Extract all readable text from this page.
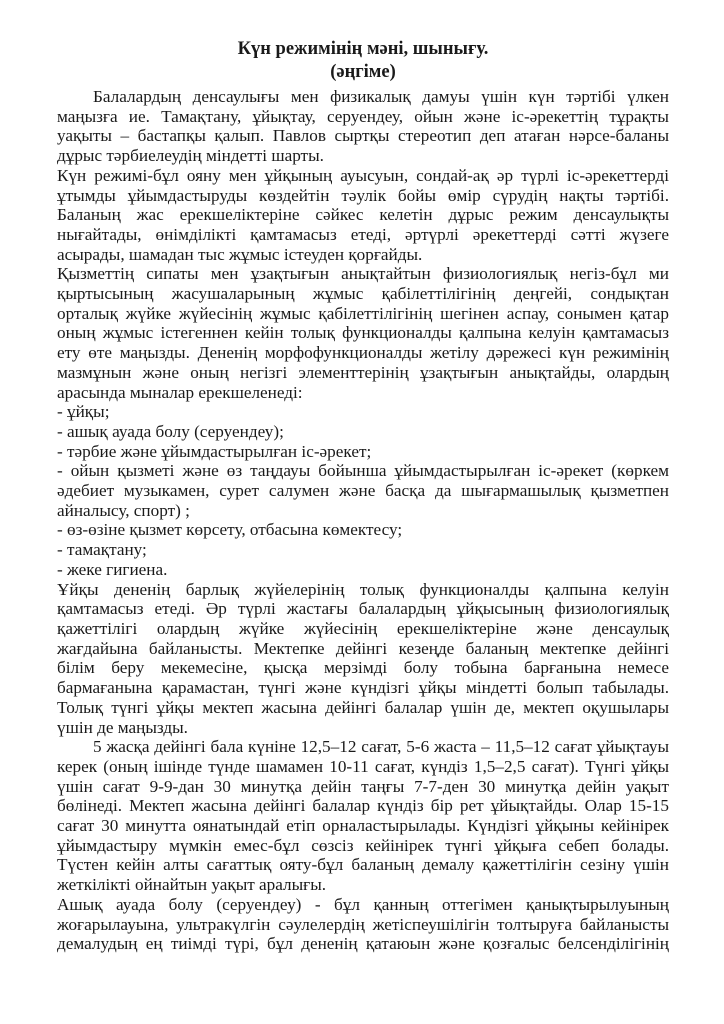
Күн режимінің мәні, шынығу.
(әңгіме)
Балалардың денсаулығы мен физикалық дамуы үшін күн тәртібі үлкен
маңызға ие. Тамақтану, ұйықтау, серуендеу, ойын және іс-әрекеттің тұрақты
уақыты – бастапқы қалып. Павлов сыртқы стереотип деп атаған нәрсе-баланы
дұрыс тәрбиелеудің міндетті шарты.
Күн режимі-бұл ояну мен ұйқының ауысуын, сондай-ақ әр түрлі іс-әрекеттерді
ұтымды ұйымдастыруды көздейтін тәулік бойы өмір сүрудің нақты тәртібі.
Баланың жас ерекшеліктеріне сәйкес келетін дұрыс режим денсаулықты
нығайтады, өнімділікті қамтамасыз етеді, әртүрлі әрекеттерді сәтті жүзеге
асырады, шамадан тыс жұмыс істеуден қорғайды.
Қызметтің сипаты мен ұзақтығын анықтайтын физиологиялық негіз-бұл ми
қыртысының жасушаларының жұмыс қабілеттілігінің деңгейі, сондықтан
орталық жүйке жүйесінің жұмыс қабілеттілігінің шегінен аспау, сонымен қатар
оның жұмыс істегеннен кейін толық функционалды қалпына келуін қамтамасыз
ету өте маңызды. Дененің морфофункционалды жетілу дәрежесі күн режимінің
мазмұнын және оның негізгі элементтерінің ұзақтығын анықтайды, олардың
арасында мыналар ерекшеленеді:
- ұйқы;
- ашық ауада болу (серуендеу);
- тәрбие және ұйымдастырылған іс-әрекет;
- ойын қызметі және өз таңдауы бойынша ұйымдастырылған іс-әрекет (көркем
әдебиет музыкамен, сурет салумен және басқа да шығармашылық қызметпен
айналысу, спорт) ;
- өз-өзіне қызмет көрсету, отбасына көмектесу;
- тамақтану;
- жеке гигиена.
Ұйқы дененің барлық жүйелерінің толық функционалды қалпына келуін
қамтамасыз етеді. Әр түрлі жастағы балалардың ұйқысының физиологиялық
қажеттілігі олардың жүйке жүйесінің ерекшеліктеріне және денсаулық
жағдайына байланысты. Мектепке дейінгі кезеңде баланың мектепке дейінгі
білім беру мекемесіне, қысқа мерзімді болу тобына барғанына немесе
бармағанына қарамастан, түнгі және күндізгі ұйқы міндетті болып табылады.
Толық түнгі ұйқы мектеп жасына дейінгі балалар үшін де, мектеп оқушылары
үшін де маңызды.
5 жасқа дейінгі бала күніне 12,5–12 сағат, 5-6 жаста – 11,5–12 сағат ұйықтауы
керек (оның ішінде түнде шамамен 10-11 сағат, күндіз 1,5–2,5 сағат). Түнгі ұйқы
үшін сағат 9-9-дан 30 минутқа дейін таңғы 7-7-ден 30 минутқа дейін уақыт
бөлінеді. Мектеп жасына дейінгі балалар күндіз бір рет ұйықтайды. Олар 15-15
сағат 30 минутта оянатындай етіп орналастырылады. Күндізгі ұйқыны кейінірек
ұйымдастыру мүмкін емес-бұл сөзсіз кейінірек түнгі ұйқыға себеп болады.
Түстен кейін алты сағаттық ояту-бұл баланың демалу қажеттілігін сезіну үшін
жеткілікті ойнайтын уақыт аралығы.
Ашық ауада болу (серуендеу) - бұл қанның оттегімен қанықтырылуының
жоғарылауына, ультракүлгін сәулелердің жетіспеушілігін толтыруға байланысты
демалудың ең тиімді түрі, бұл дененің қатаюын және қозғалыс белсенділігінің
